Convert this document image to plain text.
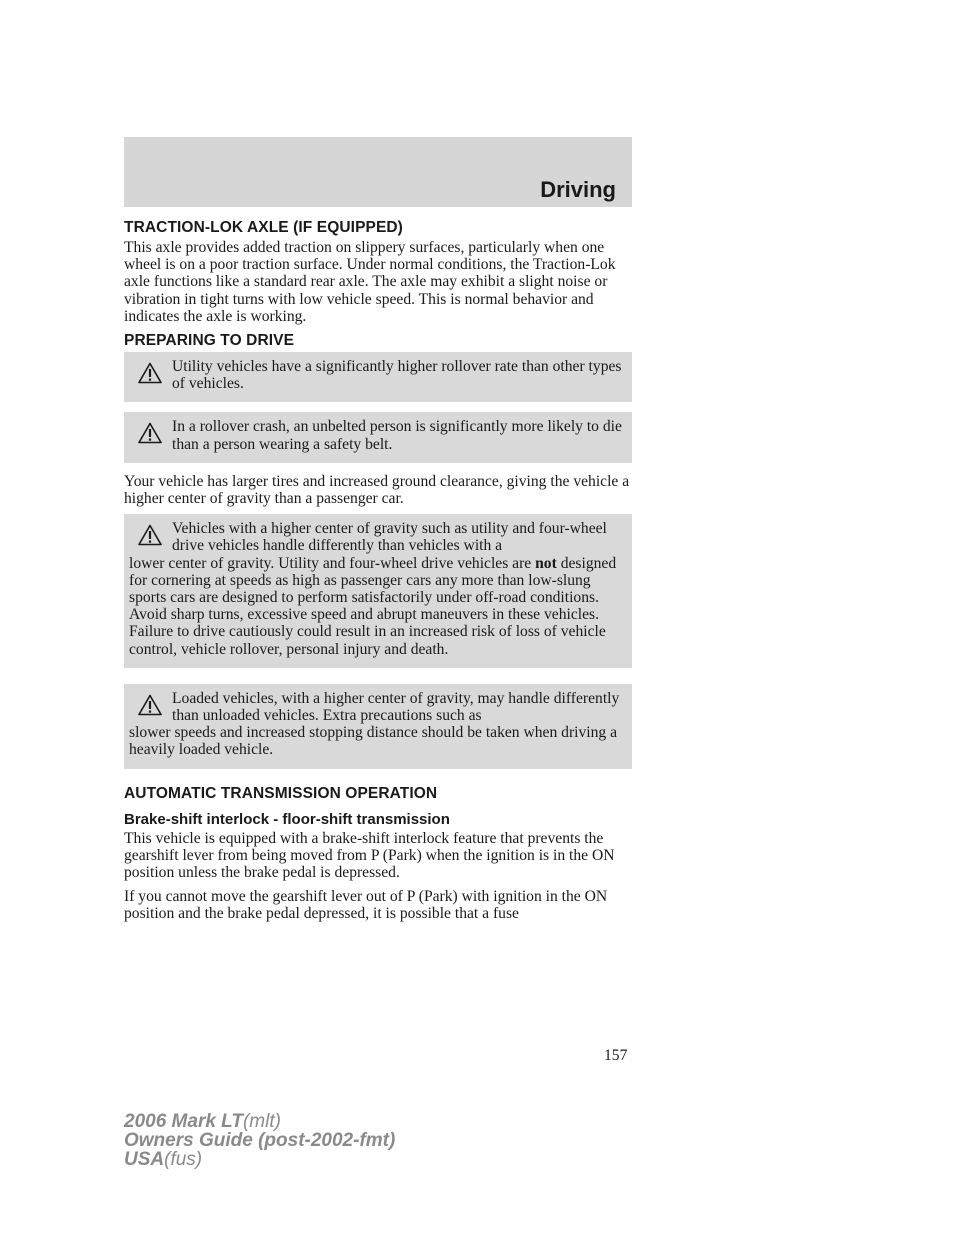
Driving
TRACTION-LOK AXLE (IF EQUIPPED)

This axle provides added traction on slippery surfaces, particularly when one wheel is on a poor traction surface. Under normal conditions, the Traction-Lok axle functions like a standard rear axle. The axle may exhibit a slight noise or vibration in tight turns with low vehicle speed. This is normal behavior and indicates the axle is working.

PREPARING TO DRIVE
Utility vehicles have a significantly higher rollover rate than other types of vehicles.
In a rollover crash, an unbelted person is significantly more likely to die than a person wearing a safety belt.

Your vehicle has larger tires and increased ground clearance, giving the vehicle a higher center of gravity than a passenger car.

Vehicles with a higher center of gravity such as utility and four-wheel drive vehicles handle differently than vehicles with a
lower center of gravity. Utility and four-wheel drive vehicles are not designed for cornering at speeds as high as passenger cars any more than low-slung sports cars are designed to perform satisfactorily under off-road conditions. Avoid sharp turns, excessive speed and abrupt maneuvers in these vehicles. Failure to drive cautiously could result in an increased risk of loss of vehicle control, vehicle rollover, personal injury and death.
Loaded vehicles, with a higher center of gravity, may handle differently than unloaded vehicles. Extra precautions such as
slower speeds and increased stopping distance should be taken when driving a heavily loaded vehicle.
AUTOMATIC TRANSMISSION OPERATION
Brake-shift interlock - floor-shift transmission

This vehicle is equipped with a brake-shift interlock feature that prevents the gearshift lever from being moved from P (Park) when the ignition is in the ON position unless the brake pedal is depressed.

If you cannot move the gearshift lever out of P (Park) with ignition in the ON position and the brake pedal depressed, it is possible that a fuse

157
2006 Mark LT(mlt)
Owners Guide (post-2002-fmt)
USA(fus)
